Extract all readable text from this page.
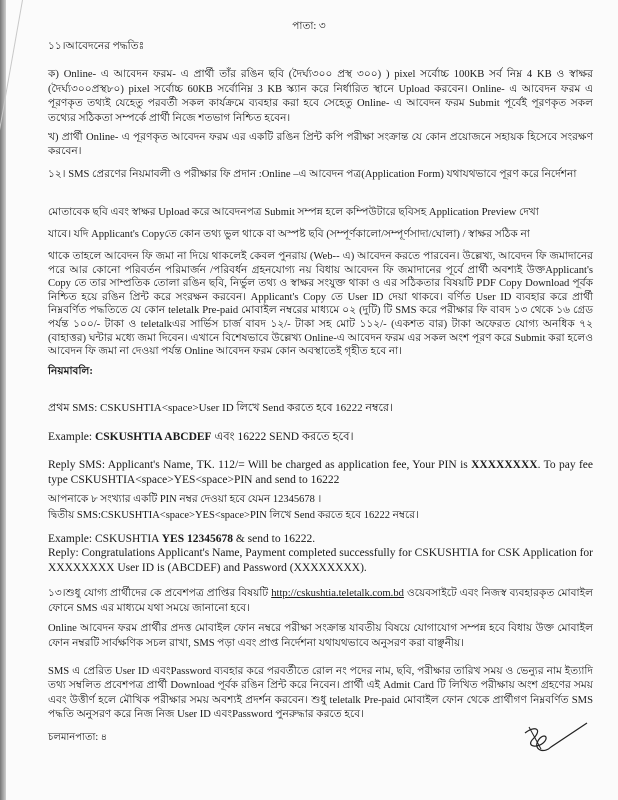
পাতা: ৩
১১।আবেদনের পদ্ধতিঃ
ক) Online- এ আবেদন ফরম- এ প্রার্থী তাঁর রঙিন ছবি (দৈর্ঘ্য৩০০ প্রস্থ ৩০০) ) pixel সর্বোচ্চ 100KB সর্ব নিম্ন 4 KB ও স্বাক্ষর (দৈর্ঘ্য৩০০প্রস্থ৮০) pixel সর্বোচ্চ 60KB সর্বোনিম্ন 3 KB স্ক্যান করে নির্ধারিত স্থানে Upload করবেন। Online- এ আবেদন ফরম এ পূরণকৃত তথ্যই যেহেতু পরবর্তী সকল কার্যক্রমে ব্যবহার করা হবে সেহেতু Online- এ আবেদন ফরম Submit পূর্বেই পূরণকৃত সকল তথ্যের সঠিকতা সম্পর্কে প্রার্থী নিজে শতভাগ নিশ্চিত হবেন।
খ) প্রার্থী Online- এ পূরণকৃত আবেদন ফরম এর একটি রঙিন প্রিন্ট কপি পরীক্ষা সংক্রান্ত যে কোন প্রয়োজনে সহায়ক হিসেবে সংরক্ষণ করবেন।
১২। SMS প্রেরণের নিয়মাবলী ও পরীক্ষার ফি প্রদান :Online –এ আবেদন পত্র(Application Form) যথাযথভাবে পূরণ করে নির্দেশনা
মোতাবেক ছবি এবং স্বাক্ষর Upload করে আবেদনপত্র Submit সম্পন্ন হলে কম্পিউটারে ছবিসহ Application Preview দেখা
যাবে। যদি Applicant's Copyতে কোন তথ্য ভুল থাকে বা অস্পষ্ট ছবি (সম্পূর্ণকালো/সম্পূর্ণসাদা/ঘোলা) / স্বাক্ষর সঠিক না
থাকে তাহলে আবেদন ফি জমা না দিয়ে থাকলেই কেবল পুনরায় (Web-- এ) আবেদন করতে পারবেন। উল্লেখ্য, আবেদন ফি জমাদানের পরে আর কোনো পরিবর্তন পরিমার্জন /পরিবর্ধন গ্রহনযোগ্য নয় বিধায় আবেদন ফি জমাদানের পূর্বে প্রার্থী অবশ্যই উক্তApplicant's Copy তে তার সাম্প্রতিক তোলা রঙিন ছবি, নির্ভুল তথ্য ও স্বাক্ষর সংযুক্ত থাকা ও এর সঠিকতার বিষয়টি PDF Copy Download পূর্বক নিশ্চিত হয়ে রঙিন প্রিন্ট করে সংরক্ষন করবেন। Applicant's Copy তে User ID দেয়া থাকবে। বর্ণিত User ID ব্যবহার করে প্রার্থী নিম্নবর্ণিত পদ্ধতিতে যে কোন teletalk Pre-paid মোবাইল নম্বরের মাধ্যমে ০২ (দুটি) টি SMS করে পরীক্ষার ফি বাবদ ১৩ থেকে ১৬ গ্রেড পর্যন্ত ১০০/- টাকা ও teletalkএর সার্ভিস চার্জ বাবদ ১২/- টাকা সহ মোট ১১২/- (একশত বার) টাকা অফেরত যোগ্য অনধিক ৭২ (বাহাত্তর) ঘন্টার মধ্যে জমা দিবেন। এখানে বিশেষভাবে উল্লেখ্য Online-এ আবেদন ফরম এর সকল অংশ পূরণ করে Submit করা হলেও আবেদন ফি জমা না দেওয়া পর্যন্ত Online আবেদন ফরম কোন অবস্থাতেই গৃহীত হবে না।
নিয়মাবলি:
প্রথম SMS: CSKUSHTIA<space>User ID লিখে Send করতে হবে 16222 নম্বরে।
Example: CSKUSHTIA ABCDEF এবং 16222 SEND করতে হবে।
Reply SMS: Applicant's Name, TK. 112/= Will be charged as application fee, Your PIN is XXXXXXXX. To pay fee type CSKUSHTIA<space>YES<space>PIN and send to 16222
আপনাকে ৮ সংখ্যার একটি PIN নম্বর দেওয়া হবে যেমন 12345678 ।
দ্বিতীয় SMS:CSKUSHTIA<space>YES<space>PIN লিখে Send করতে হবে 16222 নম্বরে।
Example: CSKUSHTIA YES 12345678 & send to 16222.
Reply: Congratulations Applicant's Name, Payment completed successfully for CSKUSHTIA for CSK Application for XXXXXXXX User ID is (ABCDEF) and Password (XXXXXXXX).
১৩।শুধু যোগ্য প্রার্থীদের কে প্রবেশপত্র প্রাপ্তির বিষয়টি http://cskushtia.teletalk.com.bd ওয়েবসাইটে এবং নিজস্ব ব্যবহারকৃত মোবাইল ফোনে SMS এর মাধ্যমে যথা সময়ে জানানো হবে।
Online আবেদন ফরম প্রার্থীর প্রদত্ত মোবাইল ফোন নম্বরে পরীক্ষা সংক্রান্ত যাবতীয় বিষয়ে যোগাযোগ সম্পন্ন হবে বিধায় উক্ত মোবাইল ফোন নম্বরটি সার্বক্ষণিক সচল রাখা, SMS পড়া এবং প্রাপ্ত নির্দেশনা যথাযথভাবে অনুসরণ করা বাঞ্ছনীয়।
SMS এ প্রেরিত User ID এবংPassword ব্যবহার করে পরবর্তীতে রোল নং পদের নাম, ছবি, পরীক্ষার তারিখ সময় ও ভেন্যুর নাম ইত্যাদি তথ্য সম্বলিত প্রবেশপত্র প্রার্থী Download পূর্বক রঙিন প্রিন্ট করে নিবেন। প্রার্থী এই Admit Card টি লিখিত পরীক্ষায় অংশ গ্রহণের সময় এবং উত্তীর্ণ হলে মৌখিক পরীক্ষার সময় অবশ্যই প্রদর্শন করবেন। শুধু teletalk Pre-paid মোবাইল ফোন থেকে প্রার্থীগণ নিম্নবর্ণিত SMS পদ্ধতি অনুসরণ করে নিজ নিজ User ID এবংPassword পুনরুদ্ধার করতে হবে।
চলমানপাতা: ৪
